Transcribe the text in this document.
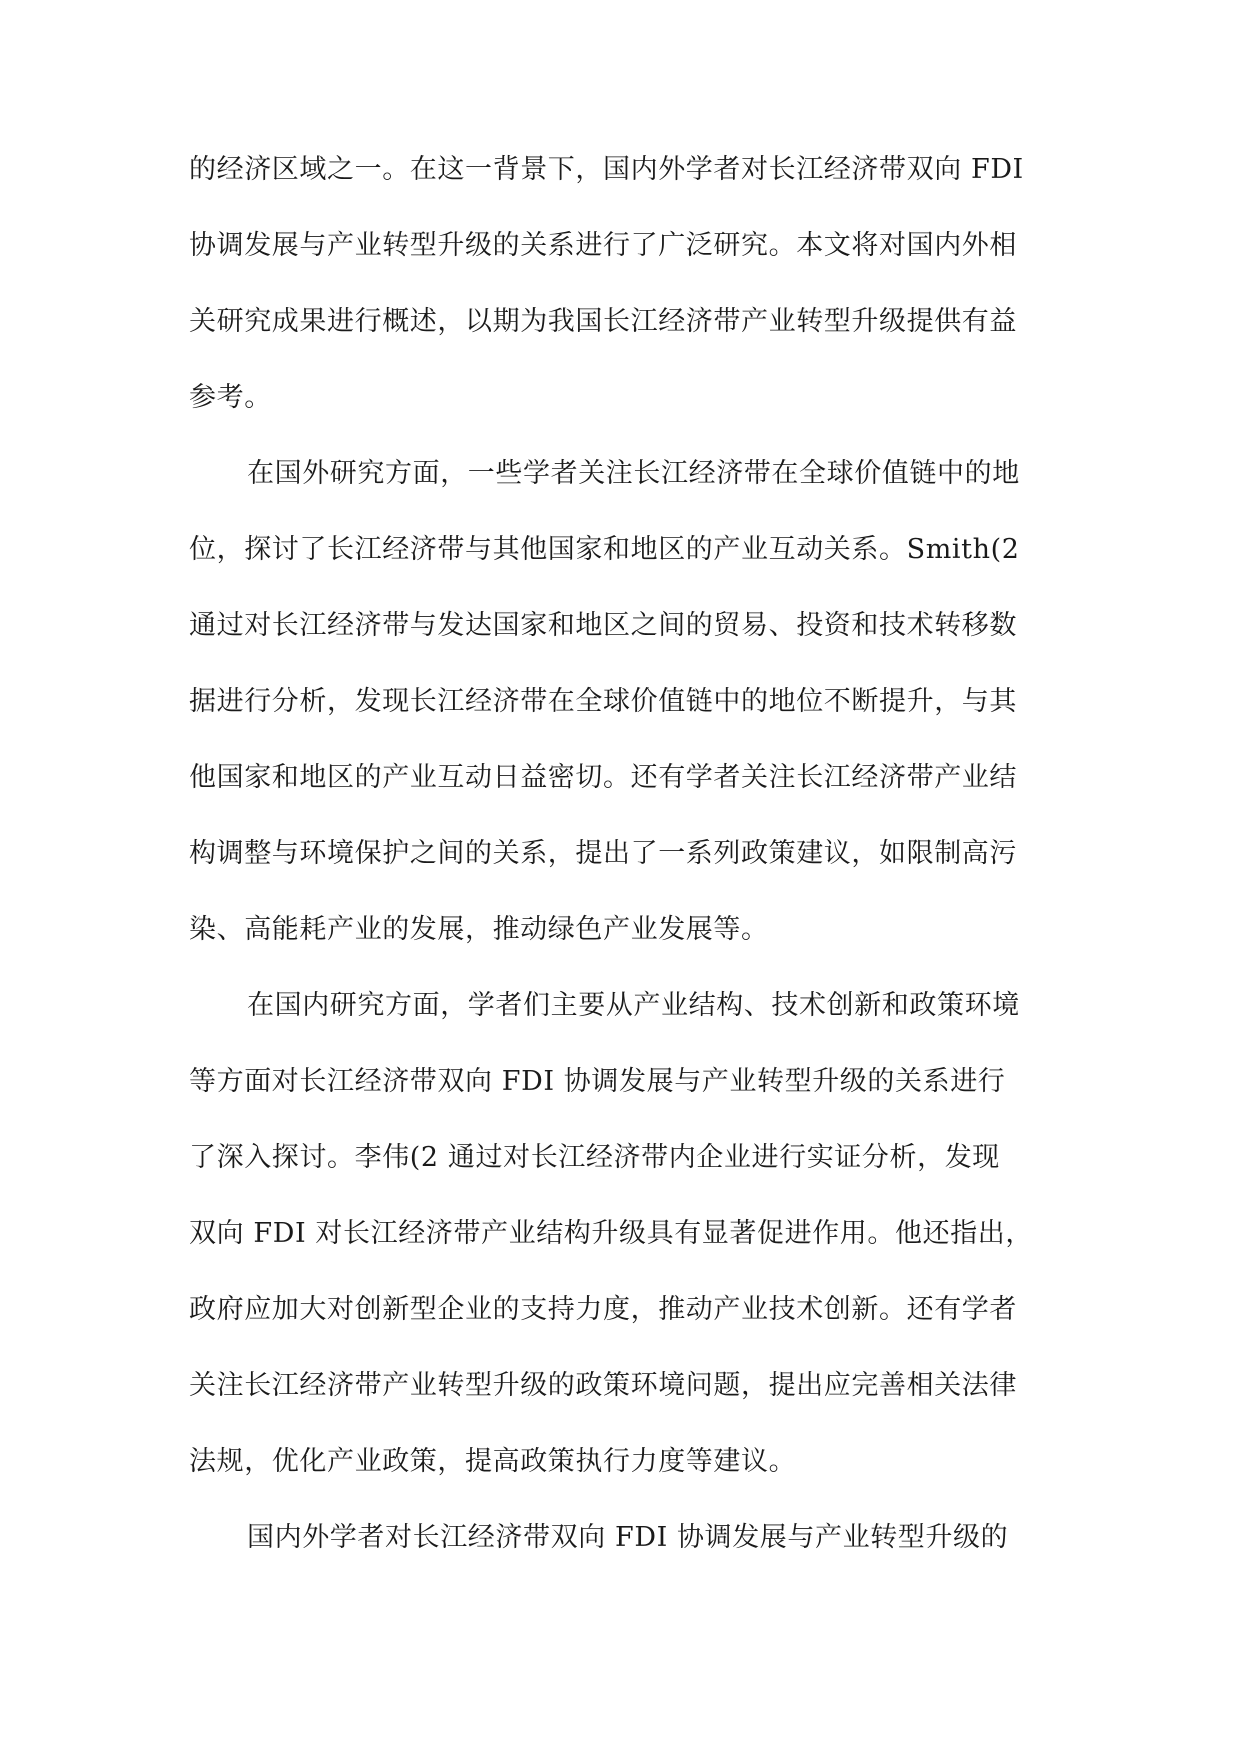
的经济区域之一。在这一背景下，国内外学者对长江经济带双向 FDI
协调发展与产业转型升级的关系进行了广泛研究。本文将对国内外相
关研究成果进行概述，以期为我国长江经济带产业转型升级提供有益
参考。
在国外研究方面，一些学者关注长江经济带在全球价值链中的地
位，探讨了长江经济带与其他国家和地区的产业互动关系。Smith(2
通过对长江经济带与发达国家和地区之间的贸易、投资和技术转移数
据进行分析，发现长江经济带在全球价值链中的地位不断提升，与其
他国家和地区的产业互动日益密切。还有学者关注长江经济带产业结
构调整与环境保护之间的关系，提出了一系列政策建议，如限制高污
染、高能耗产业的发展，推动绿色产业发展等。
在国内研究方面，学者们主要从产业结构、技术创新和政策环境
等方面对长江经济带双向 FDI 协调发展与产业转型升级的关系进行
了深入探讨。李伟(2 通过对长江经济带内企业进行实证分析，发现
双向 FDI 对长江经济带产业结构升级具有显著促进作用。他还指出，
政府应加大对创新型企业的支持力度，推动产业技术创新。还有学者
关注长江经济带产业转型升级的政策环境问题，提出应完善相关法律
法规，优化产业政策，提高政策执行力度等建议。
国内外学者对长江经济带双向 FDI 协调发展与产业转型升级的
